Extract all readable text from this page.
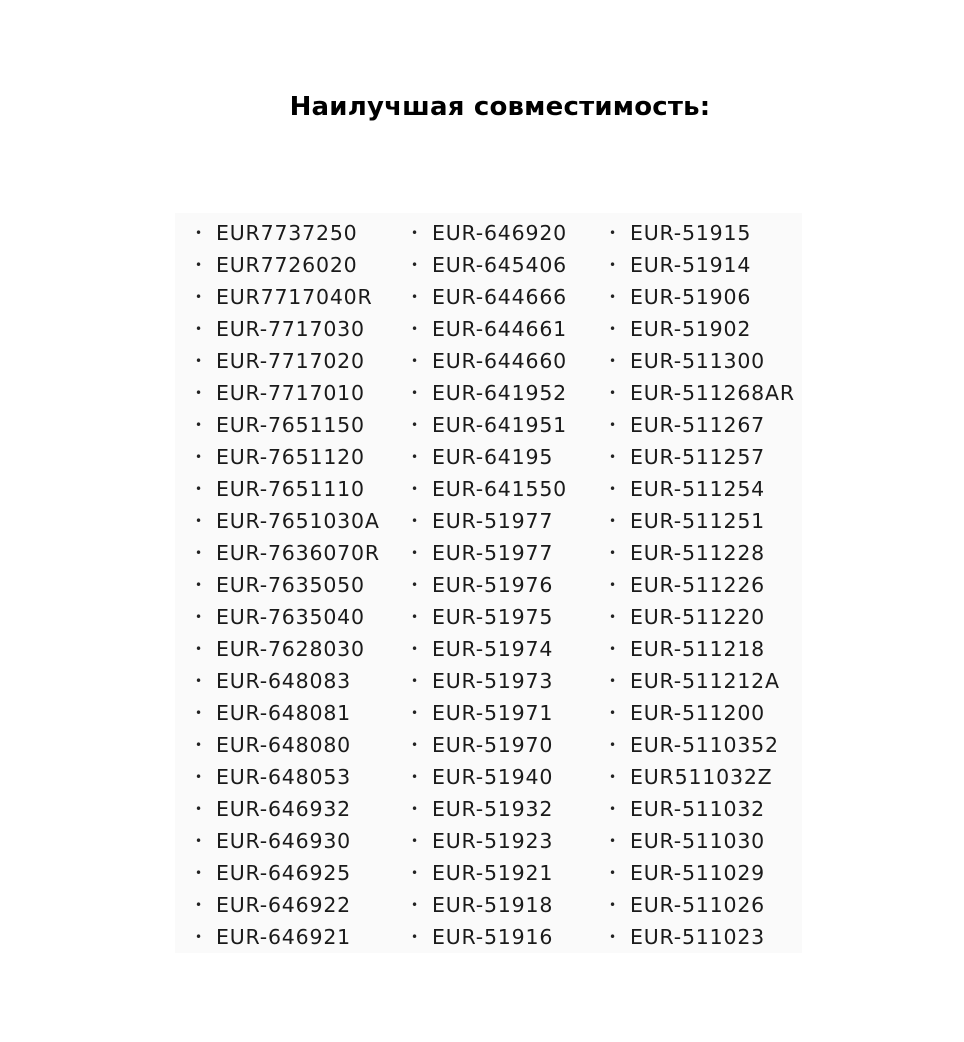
Наилучшая совместимость:
• EUR7737250
• EUR7726020
• EUR7717040R
• EUR-7717030
• EUR-7717020
• EUR-7717010
• EUR-7651150
• EUR-7651120
• EUR-7651110
• EUR-7651030A
• EUR-7636070R
• EUR-7635050
• EUR-7635040
• EUR-7628030
• EUR-648083
• EUR-648081
• EUR-648080
• EUR-648053
• EUR-646932
• EUR-646930
• EUR-646925
• EUR-646922
• EUR-646921
• EUR-646920
• EUR-645406
• EUR-644666
• EUR-644661
• EUR-644660
• EUR-641952
• EUR-641951
• EUR-64195
• EUR-641550
• EUR-51977
• EUR-51977
• EUR-51976
• EUR-51975
• EUR-51974
• EUR-51973
• EUR-51971
• EUR-51970
• EUR-51940
• EUR-51932
• EUR-51923
• EUR-51921
• EUR-51918
• EUR-51916
• EUR-51915
• EUR-51914
• EUR-51906
• EUR-51902
• EUR-511300
• EUR-511268AR
• EUR-511267
• EUR-511257
• EUR-511254
• EUR-511251
• EUR-511228
• EUR-511226
• EUR-511220
• EUR-511218
• EUR-511212A
• EUR-511200
• EUR-5110352
• EUR511032Z
• EUR-511032
• EUR-511030
• EUR-511029
• EUR-511026
• EUR-511023
